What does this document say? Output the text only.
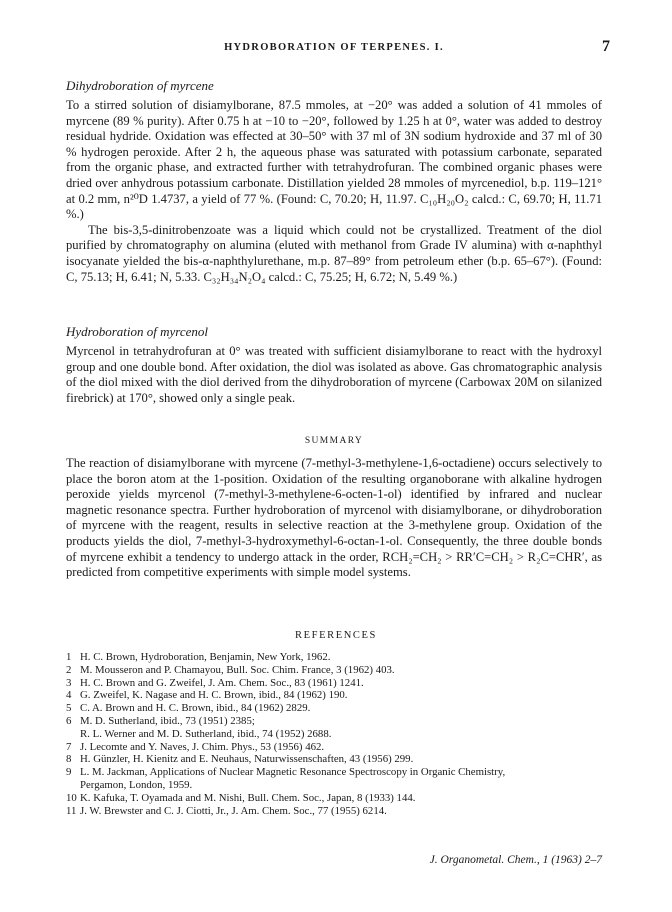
HYDROBORATION OF TERPENES. I.	7
Dihydroboration of myrcene

To a stirred solution of disiamylborane, 87.5 mmoles, at −20° was added a solution of 41 mmoles of myrcene (89 % purity). After 0.75 h at −10 to −20°, followed by 1.25 h at 0°, water was added to destroy residual hydride. Oxidation was effected at 30–50° with 37 ml of 3N sodium hydroxide and 37 ml of 30 % hydrogen peroxide. After 2 h, the aqueous phase was saturated with potassium carbonate, separated from the organic phase, and extracted further with tetrahydrofuran. The combined organic phases were dried over anhydrous potassium carbonate. Distillation yielded 28 mmoles of myrcenediol, b.p. 119–121° at 0.2 mm, n²⁰D 1.4737, a yield of 77 %. (Found: C, 70.20; H, 11.97. C₁₀H₂₀O₂ calcd.: C, 69.70; H, 11.71 %.)

The bis-3,5-dinitrobenzoate was a liquid which could not be crystallized. Treatment of the diol purified by chromatography on alumina (eluted with methanol from Grade IV alumina) with α-naphthyl isocyanate yielded the bis-α-naphthylurethane, m.p. 87–89° from petroleum ether (b.p. 65–67°). (Found: C, 75.13; H, 6.41; N, 5.33. C₃₂H₃₄N₂O₄ calcd.: C, 75.25; H, 6.72; N, 5.49 %.)

Hydroboration of myrcenol

Myrcenol in tetrahydrofuran at 0° was treated with sufficient disiamylborane to react with the hydroxyl group and one double bond. After oxidation, the diol was isolated as above. Gas chromatographic analysis of the diol mixed with the diol derived from the dihydroboration of myrcene (Carbowax 20M on silanized firebrick) at 170°, showed only a single peak.

SUMMARY

The reaction of disiamylborane with myrcene (7-methyl-3-methylene-1,6-octadiene) occurs selectively to place the boron atom at the 1-position. Oxidation of the resulting organoborane with alkaline hydrogen peroxide yields myrcenol (7-methyl-3-methylene-6-octen-1-ol) identified by infrared and nuclear magnetic resonance spectra. Further hydroboration of myrcenol with disiamylborane, or dihydroboration of myrcene with the reagent, results in selective reaction at the 3-methylene group. Oxidation of the products yields the diol, 7-methyl-3-hydroxymethyl-6-octan-1-ol. Consequently, the three double bonds of myrcene exhibit a tendency to undergo attack in the order, RCH₂=CH₂ > RR′C=CH₂ > R₂C=CHR′, as predicted from competitive experiments with simple model systems.

REFERENCES
1 H. C. Brown, Hydroboration, Benjamin, New York, 1962.
2 M. Mousseron and P. Chamayou, Bull. Soc. Chim. France, 3 (1962) 403.
3 H. C. Brown and G. Zweifel, J. Am. Chem. Soc., 83 (1961) 1241.
4 G. Zweifel, K. Nagase and H. C. Brown, ibid., 84 (1962) 190.
5 C. A. Brown and H. C. Brown, ibid., 84 (1962) 2829.
6 M. D. Sutherland, ibid., 73 (1951) 2385;
R. L. Werner and M. D. Sutherland, ibid., 74 (1952) 2688.
7 J. Lecomte and Y. Naves, J. Chim. Phys., 53 (1956) 462.
8 H. Günzler, H. Kienitz and E. Neuhaus, Naturwissenschaften, 43 (1956) 299.
9 L. M. Jackman, Applications of Nuclear Magnetic Resonance Spectroscopy in Organic Chemistry,
Pergamon, London, 1959.
10 K. Kafuka, T. Oyamada and M. Nishi, Bull. Chem. Soc., Japan, 8 (1933) 144.
11 J. W. Brewster and C. J. Ciotti, Jr., J. Am. Chem. Soc., 77 (1955) 6214.
J. Organometal. Chem., 1 (1963) 2–7
